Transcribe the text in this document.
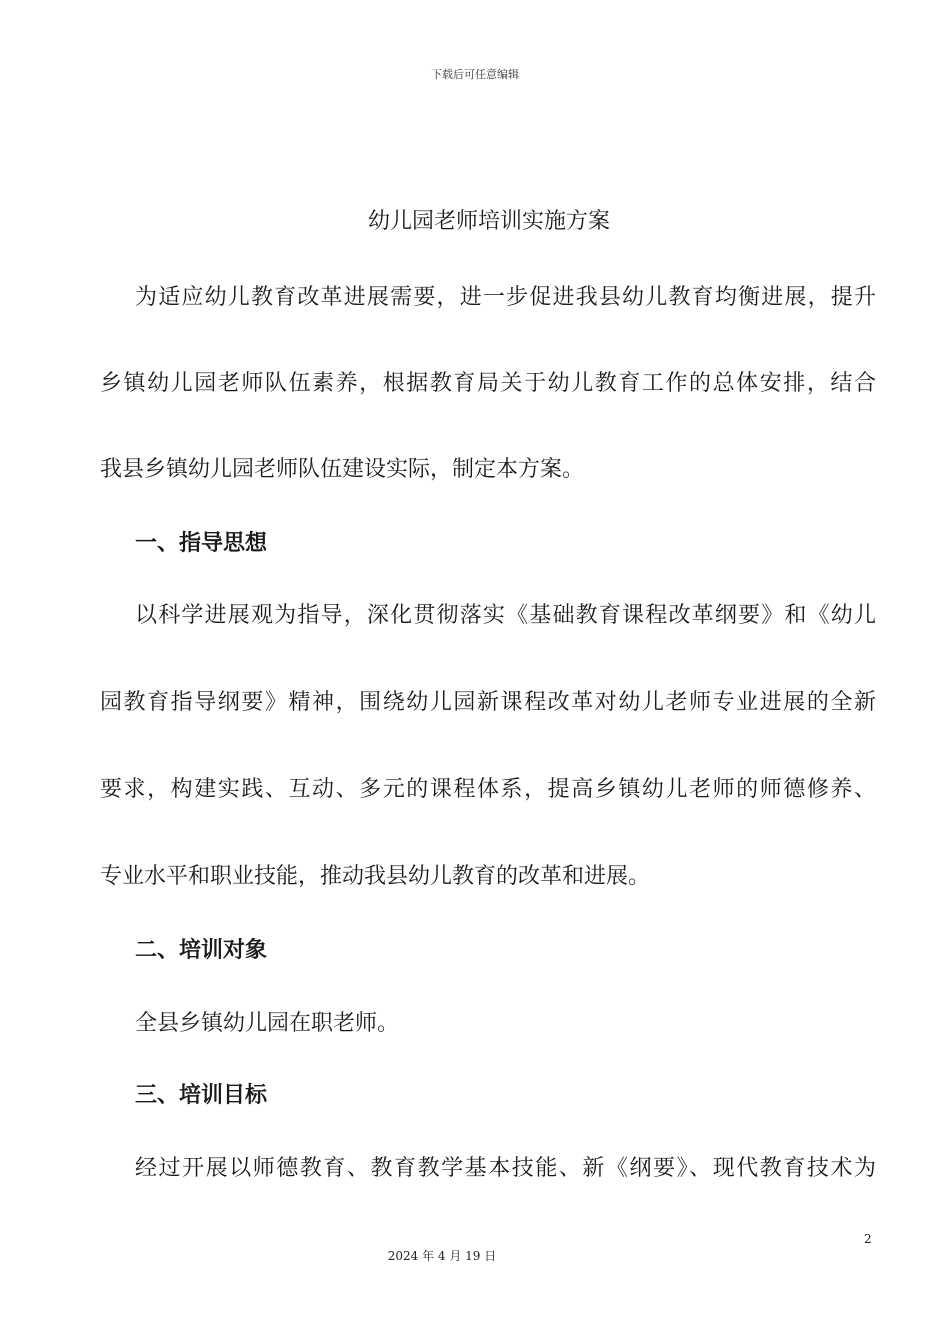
下载后可任意编辑
幼儿园老师培训实施方案
为适应幼儿教育改革进展需要，进一步促进我县幼儿教育均衡进展，提升
乡镇幼儿园老师队伍素养，根据教育局关于幼儿教育工作的总体安排，结合
我县乡镇幼儿园老师队伍建设实际，制定本方案。
一、指导思想
以科学进展观为指导，深化贯彻落实《基础教育课程改革纲要》和《幼儿
园教育指导纲要》精神，围绕幼儿园新课程改革对幼儿老师专业进展的全新
要求，构建实践、互动、多元的课程体系，提高乡镇幼儿老师的师德修养、
专业水平和职业技能，推动我县幼儿教育的改革和进展。
二、培训对象
全县乡镇幼儿园在职老师。
三、培训目标
经过开展以师德教育、教育教学基本技能、新《纲要》、现代教育技术为
2
2024 年 4 月 19 日
